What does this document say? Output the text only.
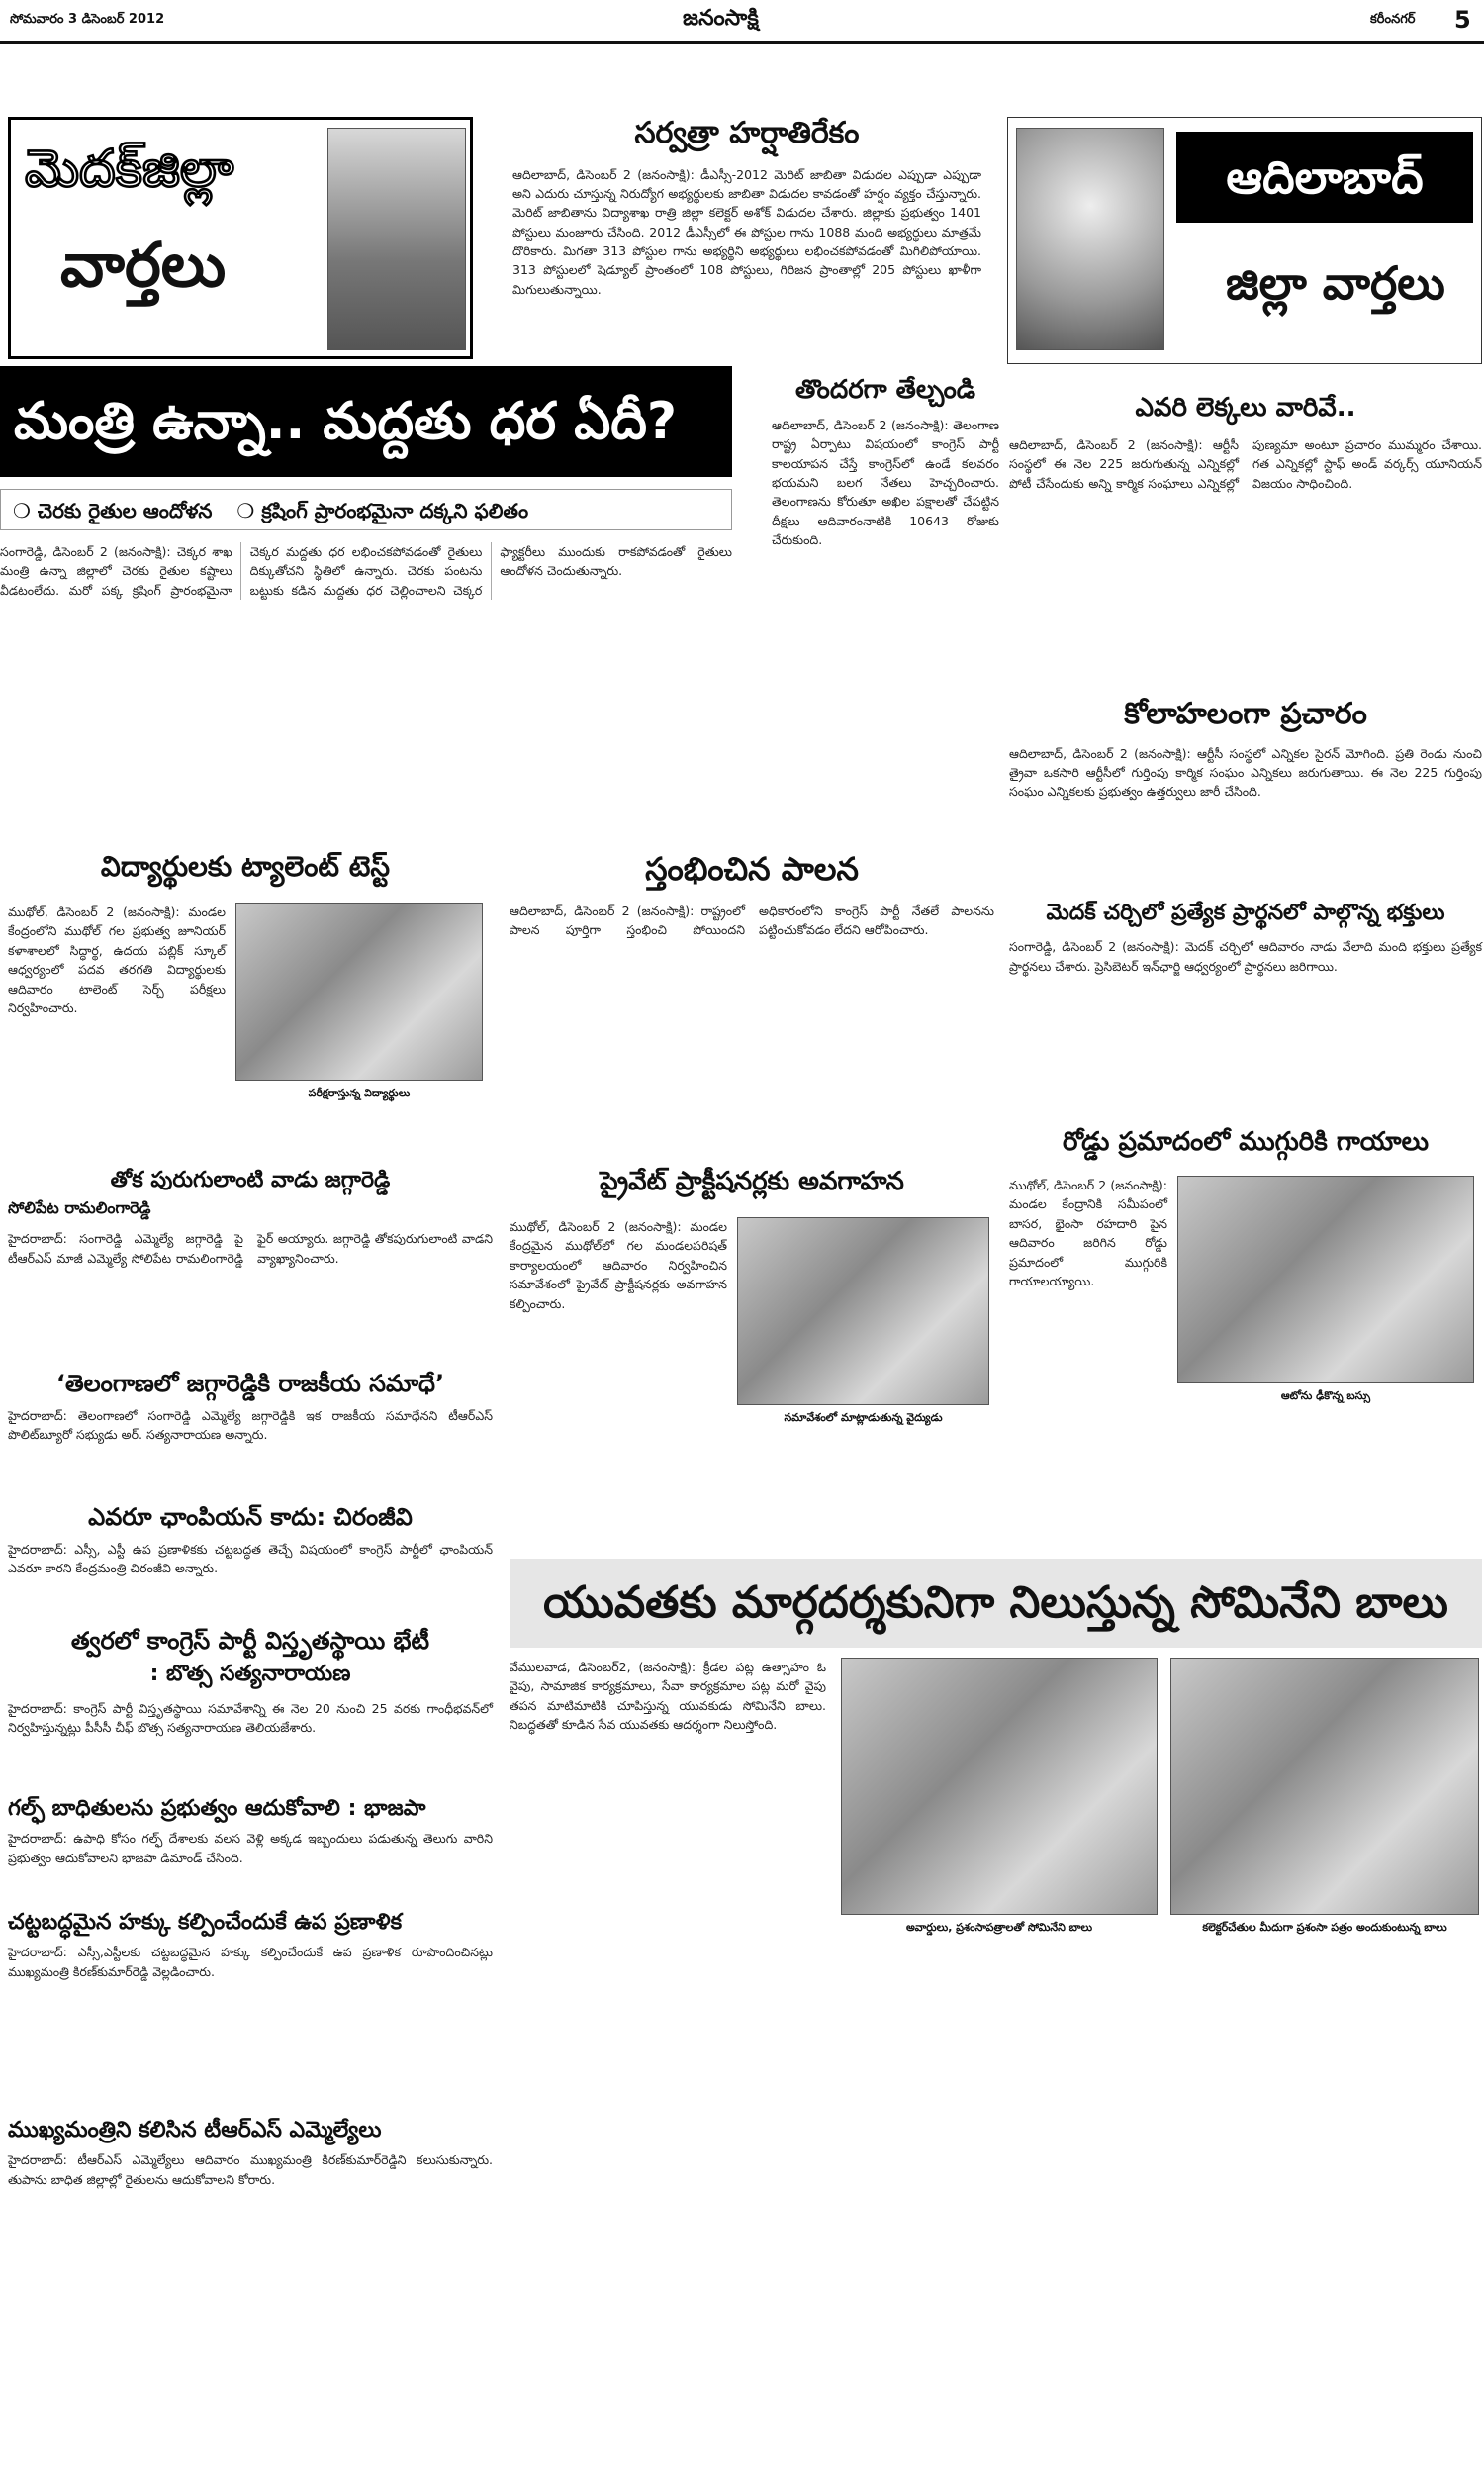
సోమవారం 3 డిసెంబర్ 2012	జనంసాక్షి	కరీంనగర్ 5
మెదక్‌జిల్లా
వార్తలు
సర్వత్రా హర్షాతిరేకం
ఆదిలాబాద్, డిసెంబర్ 2 (జనంసాక్షి): డీఎస్సీ-2012 మెరిట్ జాబితా విడుదల ఎప్పుడా ఎప్పుడా అని ఎదురు చూస్తున్న నిరుద్యోగ అభ్యర్థులకు జాబితా విడుదల కావడంతో హర్షం వ్యక్తం చేస్తున్నారు. మెరిట్ జాబితాను విద్యాశాఖ రాత్రి జిల్లా కలెక్టర్ అశోక్ విడుదల చేశారు. జిల్లాకు ప్రభుత్వం 1401 పోస్టులు మంజూరు చేసింది. 2012 డీఎస్సీలో ఈ పోస్టుల గాను 1088 మంది అభ్యర్థులు మాత్రమే దొరికారు. మిగతా 313 పోస్టుల గాను అభ్యర్థిని అభ్యర్థులు లభించకపోవడంతో మిగిలిపోయాయి. 313 పోస్టులలో షెడ్యూల్ ప్రాంతంలో 108 పోస్టులు, గిరిజన ప్రాంతాల్లో 205 పోస్టులు ఖాళీగా మిగులుతున్నాయి.
ఆదిలాబాద్
జిల్లా వార్తలు
మంత్రి ఉన్నా.. మద్దతు ధర ఏదీ?
❍ చెరకు రైతుల ఆందోళన ❍ క్రషింగ్ ప్రారంభమైనా దక్కని ఫలితం
సంగారెడ్డి, డిసెంబర్ 2 (జనంసాక్షి): చెక్కర శాఖ మంత్రి ఉన్నా జిల్లాలో చెరకు రైతుల కష్టాలు వీడటంలేదు. మరో పక్క క్రషింగ్ ప్రారంభమైనా చెక్కర మద్దతు ధర లభించకపోవడంతో రైతులు దిక్కుతోచని స్థితిలో ఉన్నారు. చెరకు పంటను బట్టుకు కడిన మద్దతు ధర చెల్లించాలని చెక్కర ఫ్యాక్టరీలు ముందుకు రాకపోవడంతో రైతులు ఆందోళన చెందుతున్నారు.
తొందరగా తేల్చండి
ఆదిలాబాద్, డిసెంబర్ 2 (జనంసాక్షి): తెలంగాణ రాష్ట్ర ఏర్పాటు విషయంలో కాంగ్రెస్ పార్టీ కాలయాపన చేస్తే కాంగ్రెస్‌లో ఉండే కలవరం భయమని బలగ నేతలు హెచ్చరించారు. తెలంగాణను కోరుతూ అఖిల పక్షాలతో చేపట్టిన దీక్షలు ఆదివారంనాటికి 10643 రోజుకు చేరుకుంది.
ఎవరి లెక్కలు వారివే..
ఆదిలాబాద్, డిసెంబర్ 2 (జనంసాక్షి): ఆర్టీసీ సంస్థలో ఈ నెల 225 జరుగుతున్న ఎన్నికల్లో పోటీ చేసేందుకు అన్ని కార్మిక సంఘాలు ఎన్నికల్లో పుణ్యమా అంటూ ప్రచారం ముమ్మరం చేశాయి. గత ఎన్నికల్లో స్టాఫ్ అండ్ వర్కర్స్ యూనియన్ విజయం సాధించింది.
కోలాహలంగా ప్రచారం
ఆదిలాబాద్, డిసెంబర్ 2 (జనంసాక్షి): ఆర్టీసీ సంస్థలో ఎన్నికల సైరన్ మోగింది. ప్రతి రెండు నుంచి త్రైవా ఒకసారి ఆర్టీసీలో గుర్తింపు కార్మిక సంఘం ఎన్నికలు జరుగుతాయి. ఈ నెల 225 గుర్తింపు సంఘం ఎన్నికలకు ప్రభుత్వం ఉత్తర్వులు జారీ చేసింది.
విద్యార్థులకు ట్యాలెంట్ టెస్ట్
ముథోల్, డిసెంబర్ 2 (జనంసాక్షి): మండల కేంద్రంలోని ముథోల్ గల ప్రభుత్వ జూనియర్ కళాశాలలో సిద్ధార్థ, ఉదయ పబ్లిక్ స్కూల్ ఆధ్వర్యంలో పదవ తరగతి విద్యార్థులకు ఆదివారం టాలెంట్ సెర్చ్ పరీక్షలు నిర్వహించారు.
పరీక్షరాస్తున్న విద్యార్థులు
స్తంభించిన పాలన
ఆదిలాబాద్, డిసెంబర్ 2 (జనంసాక్షి): రాష్ట్రంలో పాలన పూర్తిగా స్తంభించి పోయిందని అధికారంలోని కాంగ్రెస్ పార్టీ నేతలే పాలనను పట్టించుకోవడం లేదని ఆరోపించారు.
మెదక్ చర్చిలో ప్రత్యేక ప్రార్థనలో పాల్గొన్న భక్తులు
సంగారెడ్డి, డిసెంబర్ 2 (జనంసాక్షి): మెదక్ చర్చిలో ఆదివారం నాడు వేలాది మంది భక్తులు ప్రత్యేక ప్రార్థనలు చేశారు. ప్రెసిబెటర్ ఇన్‌ఛార్జి ఆధ్వర్యంలో ప్రార్థనలు జరిగాయి.
రోడ్డు ప్రమాదంలో ముగ్గురికి గాయాలు
ముథోల్, డిసెంబర్ 2 (జనంసాక్షి): మండల కేంద్రానికి సమీపంలో బాసర, భైంసా రహదారి పైన ఆదివారం జరిగిన రోడ్డు ప్రమాదంలో ముగ్గురికి గాయాలయ్యాయి.
ఆటోను ఢీకొన్న బస్సు
తోక పురుగులాంటి వాడు జగ్గారెడ్డి
సోలిపేట రామలింగారెడ్డి
హైదరాబాద్: సంగారెడ్డి ఎమ్మెల్యే జగ్గారెడ్డి పై టీఆర్ఎస్ మాజీ ఎమ్మెల్యే సోలిపేట రామలింగారెడ్డి ఫైర్ అయ్యారు. జగ్గారెడ్డి తోకపురుగులాంటి వాడని వ్యాఖ్యానించారు.
ప్రైవేట్ ప్రాక్టీషనర్లకు అవగాహన
ముథోల్, డిసెంబర్ 2 (జనంసాక్షి): మండల కేంద్రమైన ముథోల్‌లో గల మండలపరిషత్ కార్యాలయంలో ఆదివారం నిర్వహించిన సమావేశంలో ప్రైవేట్ ప్రాక్టీషనర్లకు అవగాహన కల్పించారు.
సమావేశంలో మాట్లాడుతున్న వైద్యుడు
‘తెలంగాణలో జగ్గారెడ్డికి రాజకీయ సమాధే’
హైదరాబాద్: తెలంగాణలో సంగారెడ్డి ఎమ్మెల్యే జగ్గారెడ్డికి ఇక రాజకీయ సమాధేనని టీఆర్ఎస్ పొలిట్‌బ్యూరో సభ్యుడు అర్. సత్యనారాయణ అన్నారు.
ఎవరూ ఛాంపియన్ కాదు: చిరంజీవి
హైదరాబాద్: ఎస్సీ, ఎస్టీ ఉప ప్రణాళికకు చట్టబద్ధత తెచ్చే విషయంలో కాంగ్రెస్ పార్టీలో ఛాంపియన్ ఎవరూ కారని కేంద్రమంత్రి చిరంజీవి అన్నారు.
యువతకు మార్గదర్శకునిగా నిలుస్తున్న సోమినేని బాలు
వేములవాడ, డిసెంబర్2, (జనంసాక్షి): క్రీడల పట్ల ఉత్సాహం ఓ వైపు, సామాజిక కార్యక్రమాలు, సేవా కార్యక్రమాల పట్ల మరో వైపు తపన మాటిమాటికి చూపిస్తున్న యువకుడు సోమినేని బాలు. నిబద్ధతతో కూడిన సేవ యువతకు ఆదర్శంగా నిలుస్తోంది.
అవార్డులు, ప్రశంసాపత్రాలతో సోమినేని బాలు	కలెక్టర్‌చేతుల మీదుగా ప్రశంసా పత్రం అందుకుంటున్న బాలు
త్వరలో కాంగ్రెస్ పార్టీ విస్తృతస్థాయి భేటీ
: బొత్స సత్యనారాయణ
హైదరాబాద్: కాంగ్రెస్ పార్టీ విస్తృతస్థాయి సమావేశాన్ని ఈ నెల 20 నుంచి 25 వరకు గాంధీభవన్‌లో నిర్వహిస్తున్నట్లు పీసీసీ చీఫ్ బొత్స సత్యనారాయణ తెలియజేశారు.
గల్ఫ్ బాధితులను ప్రభుత్వం ఆదుకోవాలి : భాజపా
హైదరాబాద్: ఉపాధి కోసం గల్ఫ్ దేశాలకు వలస వెళ్లి అక్కడ ఇబ్బందులు పడుతున్న తెలుగు వారిని ప్రభుత్వం ఆదుకోవాలని భాజపా డిమాండ్ చేసింది.
చట్టబద్ధమైన హక్కు కల్పించేందుకే ఉప ప్రణాళిక
హైదరాబాద్: ఎస్సీ,ఎస్టీలకు చట్టబద్ధమైన హక్కు కల్పించేందుకే ఉప ప్రణాళిక రూపొందించినట్లు ముఖ్యమంత్రి కిరణ్‌కుమార్‌రెడ్డి వెల్లడించారు.
ముఖ్యమంత్రిని కలిసిన టీఆర్ఎస్ ఎమ్మెల్యేలు
హైదరాబాద్: టీఆర్ఎస్ ఎమ్మెల్యేలు ఆదివారం ముఖ్యమంత్రి కిరణ్‌కుమార్‌రెడ్డిని కలుసుకున్నారు. తుపాను బాధిత జిల్లాల్లో రైతులను ఆదుకోవాలని కోరారు.
